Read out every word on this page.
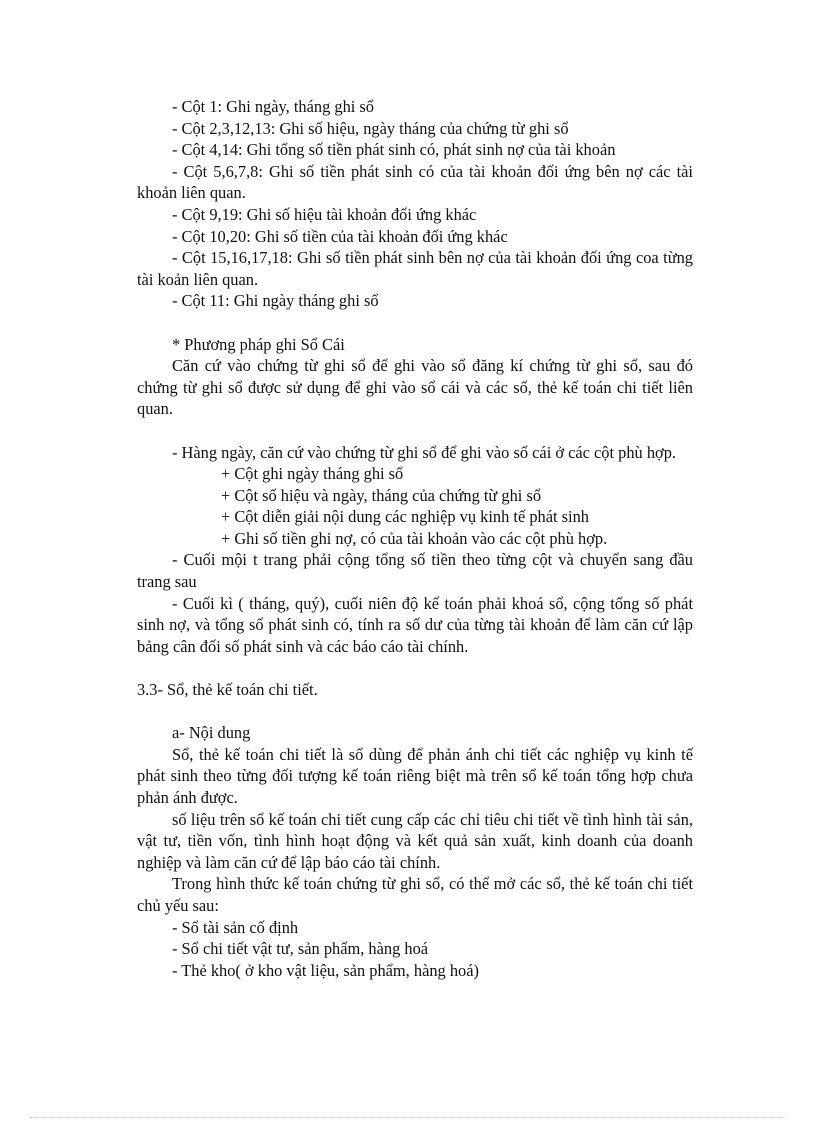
- Cột 1: Ghi ngày, tháng ghi sổ

- Cột 2,3,12,13: Ghi số hiệu, ngày tháng của chứng từ ghi sổ

- Cột 4,14: Ghi tổng số tiền phát sinh có, phát sinh nợ của tài khoản

- Cột 5,6,7,8: Ghi số tiền phát sinh có của tài khoản đối ứng bên nợ các tài khoản liên quan.

- Cột 9,19: Ghi số hiệu tài khoản đối ứng khác

- Cột 10,20: Ghi số tiền của tài khoản đối ứng khác

- Cột 15,16,17,18: Ghi số tiền phát sinh bên nợ của tài khoản đối ứng coa từng tài koản liên quan.

- Cột 11: Ghi ngày tháng ghi sổ

* Phương pháp ghi Sổ Cái

Căn cứ vào chứng từ ghi sổ để ghi vào sổ đăng kí chứng từ ghi sổ, sau đó chứng từ ghi sổ được sử dụng để ghi vào sổ cái và các sổ, thẻ kế toán chi tiết liên quan.

- Hàng ngày, căn cứ vào chứng từ ghi sổ để ghi vào sổ cái ở các cột phù hợp.

+ Cột ghi ngày tháng ghi sổ

+ Cột số hiệu và ngày, tháng của chứng từ ghi sổ

+ Cột diễn giải nội dung các nghiệp vụ kinh tế phát sinh

+ Ghi số tiền ghi nợ, có của tài khoản vào các cột phù hợp.

- Cuối mội t trang phải cộng tổng số tiền theo từng cột và chuyển sang đầu trang sau

- Cuối kì ( tháng, quý), cuối niên độ kế toán phải khoá sổ, cộng tổng số phát sinh nợ, và tổng số phát sinh có, tính ra số dư của từng tài khoản để làm căn cứ lập bảng cân đối số phát sinh và các báo cáo tài chính.

3.3- Sổ, thẻ kế toán chi tiết.

a- Nội dung

Sổ, thẻ kế toán chi tiết là sổ dùng để phản ánh chi tiết các nghiệp vụ kinh tế phát sinh theo từng đối tượng kế toán riêng biệt mà trên sổ kế toán tổng hợp chưa phản ánh được.

số liệu trên sổ kế toán chi tiết cung cấp các chỉ tiêu chi tiết về tình hình tài sản, vật tư, tiền vốn, tình hình hoạt động và kết quả sản xuất, kinh doanh của doanh nghiệp và làm căn cứ để lập báo cáo tài chính.

Trong hình thức kế toán chứng từ ghi sổ, có thể mở các sổ, thẻ kế toán chi tiết chủ yếu sau:

- Sổ tài sản cố định

- Sổ chi tiết vật tư, sản phẩm, hàng hoá

- Thẻ kho( ở kho vật liệu, sản phẩm, hàng hoá)
